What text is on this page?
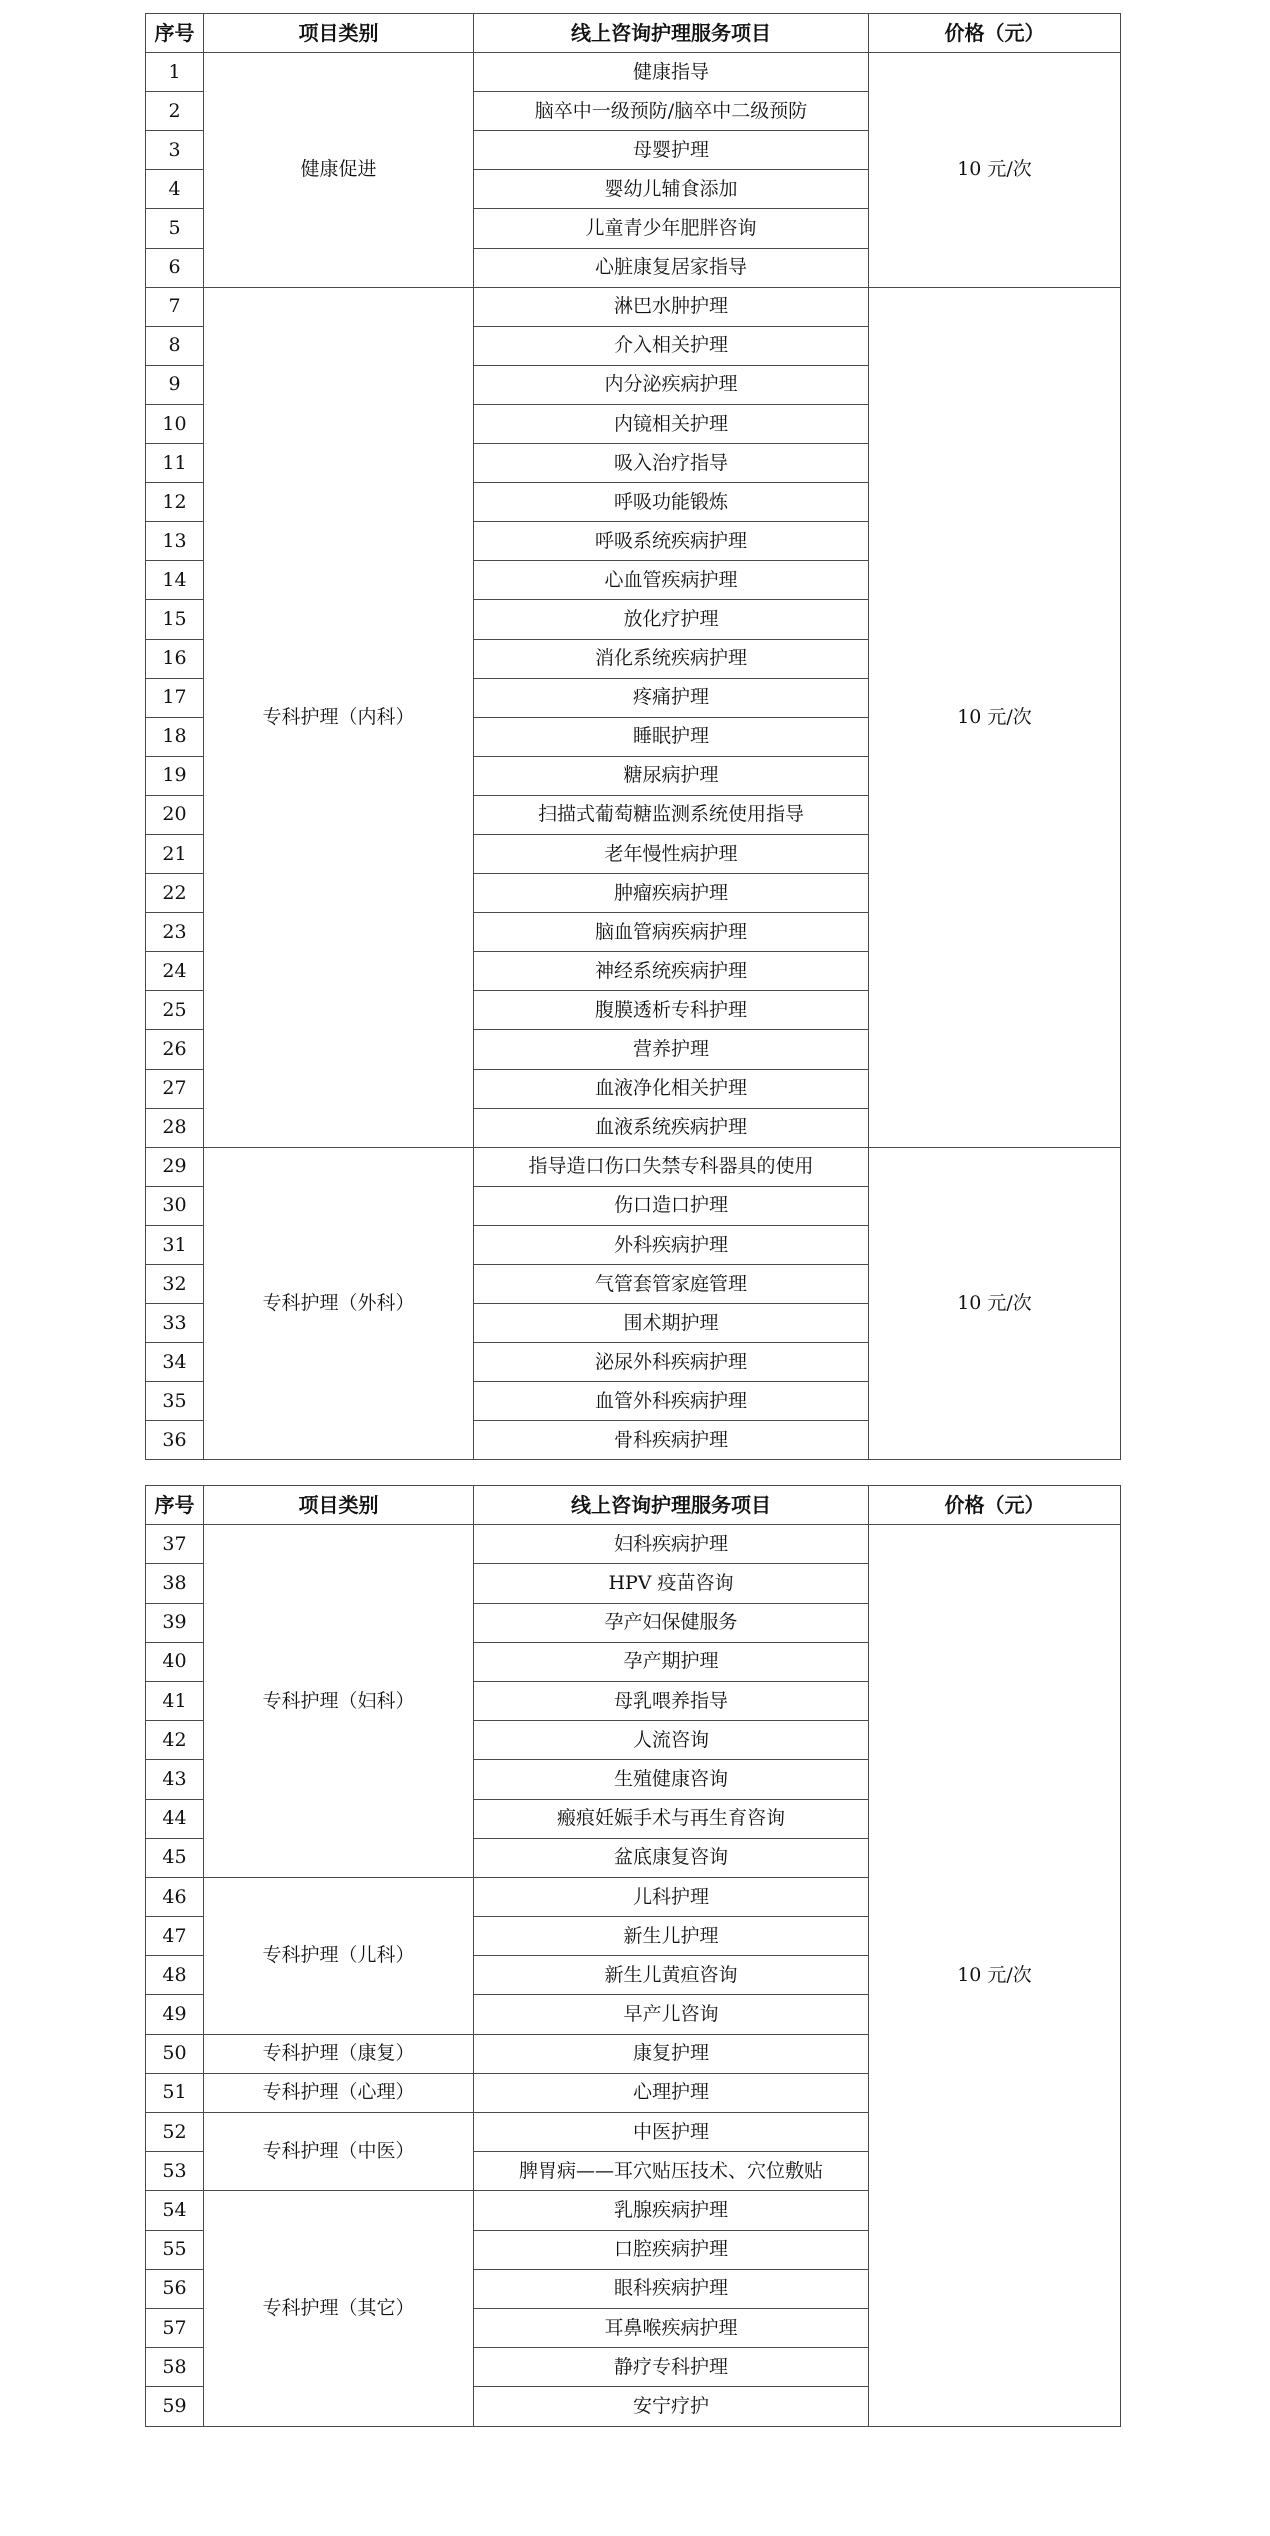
序号	项目类别	线上咨询护理服务项目	价格（元）
1	健康促进	健康指导	10 元/次
2		脑卒中一级预防/脑卒中二级预防	
3		母婴护理	
4		婴幼儿辅食添加	
5		儿童青少年肥胖咨询	
6		心脏康复居家指导	
7	专科护理（内科）	淋巴水肿护理	10 元/次
8		介入相关护理	
9		内分泌疾病护理	
10		内镜相关护理	
11		吸入治疗指导	
12		呼吸功能锻炼	
13		呼吸系统疾病护理	
14		心血管疾病护理	
15		放化疗护理	
16		消化系统疾病护理	
17		疼痛护理	
18		睡眠护理	
19		糖尿病护理	
20		扫描式葡萄糖监测系统使用指导	
21		老年慢性病护理	
22		肿瘤疾病护理	
23		脑血管病疾病护理	
24		神经系统疾病护理	
25		腹膜透析专科护理	
26		营养护理	
27		血液净化相关护理	
28		血液系统疾病护理	
29	专科护理（外科）	指导造口伤口失禁专科器具的使用	10 元/次
30		伤口造口护理	
31		外科疾病护理	
32		气管套管家庭管理	
33		围术期护理	
34		泌尿外科疾病护理	
35		血管外科疾病护理	
36		骨科疾病护理	
序号	项目类别	线上咨询护理服务项目	价格（元）
37	专科护理（妇科）	妇科疾病护理	10 元/次
38		HPV 疫苗咨询	
39		孕产妇保健服务	
40		孕产期护理	
41		母乳喂养指导	
42		人流咨询	
43		生殖健康咨询	
44		瘢痕妊娠手术与再生育咨询	
45		盆底康复咨询	
46	专科护理（儿科）	儿科护理	
47		新生儿护理	
48		新生儿黄疸咨询	
49		早产儿咨询	
50	专科护理（康复）	康复护理	
51	专科护理（心理）	心理护理	
52	专科护理（中医）	中医护理	
53		脾胃病——耳穴贴压技术、穴位敷贴	
54	专科护理（其它）	乳腺疾病护理	
55		口腔疾病护理	
56		眼科疾病护理	
57		耳鼻喉疾病护理	
58		静疗专科护理	
59		安宁疗护	
